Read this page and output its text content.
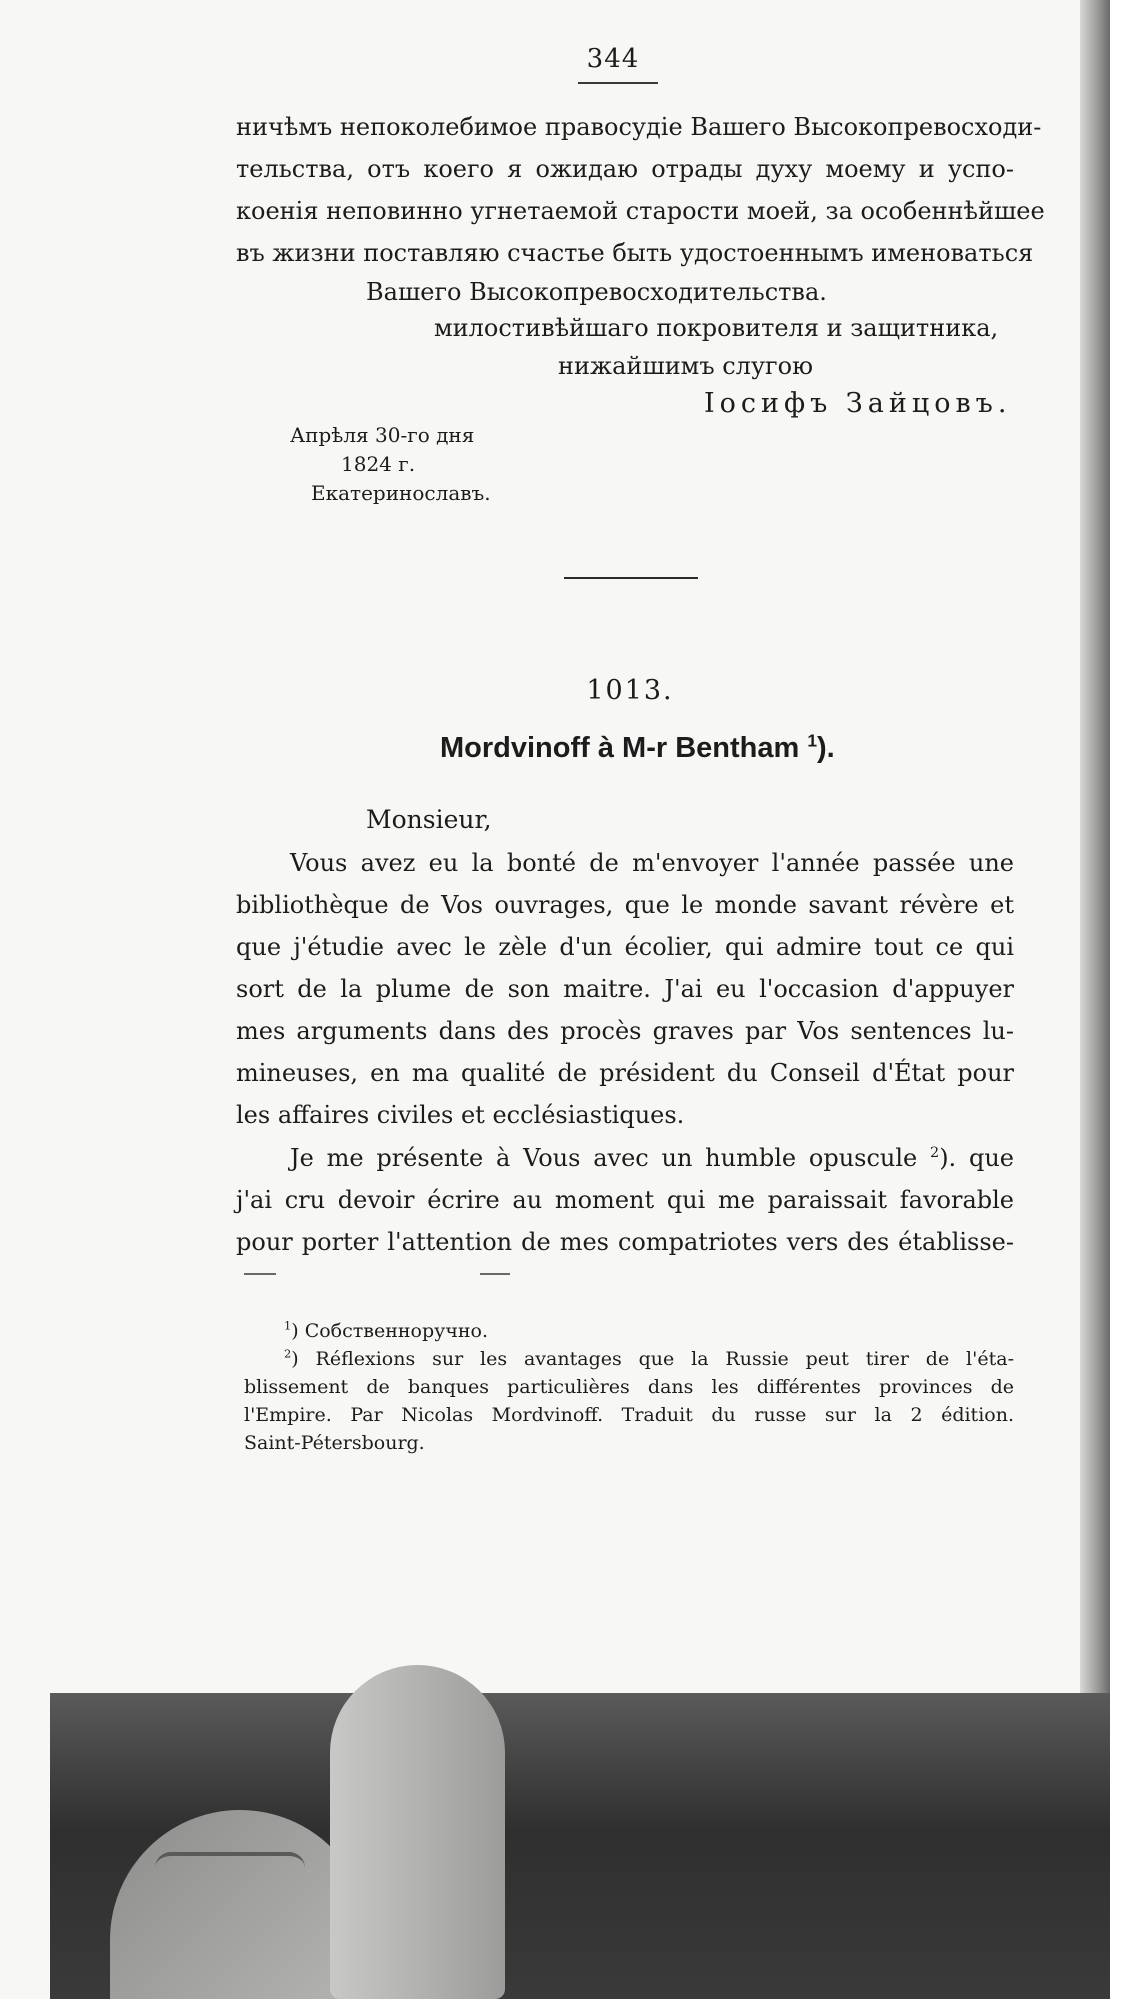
344
ничѣмъ непоколебимое правосудіе Вашего Высокопревосходи-
тельства, отъ коего я ожидаю отрады духу моему и успо-
коенія неповинно угнетаемой старости моей, за особеннѣйшее
въ жизни поставляю счастье быть удостоеннымъ именоваться
Вашего Высокопревосходительства.
милостивѣйшаго покровителя и защитника,
нижайшимъ слугою
Іосифъ Зайцовъ.
Апрѣля 30-го дня
1824 г.
Екатеринославъ.
1013.
Mordvinoff à M-r Bentham $^1$).
Monsieur,
Vous avez eu la bonté de m'envoyer l'année passée une
bibliothèque de Vos ouvrages, que le monde savant révère et
que j'étudie avec le zèle d'un écolier, qui admire tout ce qui
sort de la plume de son maitre. J'ai eu l'occasion d'appuyer
mes arguments dans des procès graves par Vos sentences lu-
mineuses, en ma qualité de président du Conseil d'État pour
les affaires civiles et ecclésiastiques.
Je me présente à Vous avec un humble opuscule $^2$). que
j'ai cru devoir écrire au moment qui me paraissait favorable
pour porter l'attention de mes compatriotes vers des établisse-
$^1$) Собственноручно.
$^2$) Réflexions sur les avantages que la Russie peut tirer de l'éta-
blissement de banques particulières dans les différentes provinces de
l'Empire. Par Nicolas Mordvinoff. Traduit du russe sur la 2 édition.
Saint-Pétersbourg.
